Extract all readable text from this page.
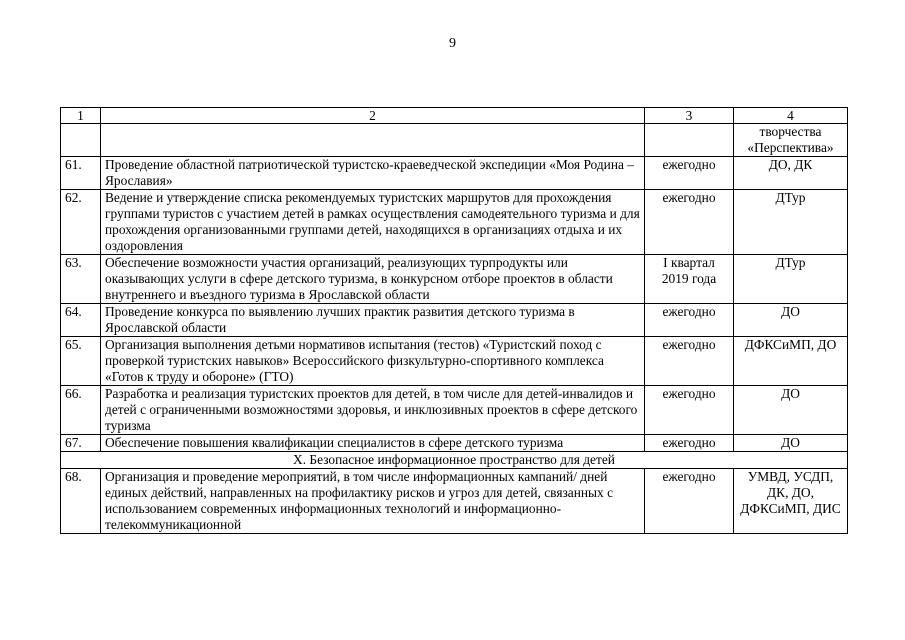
9
1	2	3	4
			творчества «Перспектива»
61.	Проведение областной патриотической туристско-краеведческой экспедиции «Моя Родина – Ярославия»	ежегодно	ДО, ДК
62.	Ведение и утверждение списка рекомендуемых туристских маршрутов для прохождения группами туристов с участием детей в рамках осуществления самодеятельного туризма и для прохождения организованными группами детей, находящихся в организациях отдыха и их оздоровления	ежегодно	ДТур
63.	Обеспечение возможности участия организаций, реализующих турпродукты или оказывающих услуги в сфере детского туризма, в конкурсном отборе проектов в области внутреннего и въездного туризма в Ярославской области	I квартал 2019 года	ДТур
64.	Проведение конкурса по выявлению лучших практик развития детского туризма в Ярославской области	ежегодно	ДО
65.	Организация выполнения детьми нормативов испытания (тестов) «Туристский поход с проверкой туристских навыков» Всероссийского физкультурно-спортивного комплекса «Готов к труду и обороне» (ГТО)	ежегодно	ДФКСиМП, ДО
66.	Разработка и реализация туристских проектов для детей, в том числе для детей-инвалидов и детей с ограниченными возможностями здоровья, и инклюзивных проектов в сфере детского туризма	ежегодно	ДО
67.	Обеспечение повышения квалификации специалистов в сфере детского туризма	ежегодно	ДО
X. Безопасное информационное пространство для детей			
68.	Организация и проведение мероприятий, в том числе информационных кампаний/ дней единых действий, направленных на профилактику рисков и угроз для детей, связанных с использованием современных информационных технологий и информационно-телекоммуникационной	ежегодно	УМВД, УСДП, ДК, ДО, ДФКСиМП, ДИС
